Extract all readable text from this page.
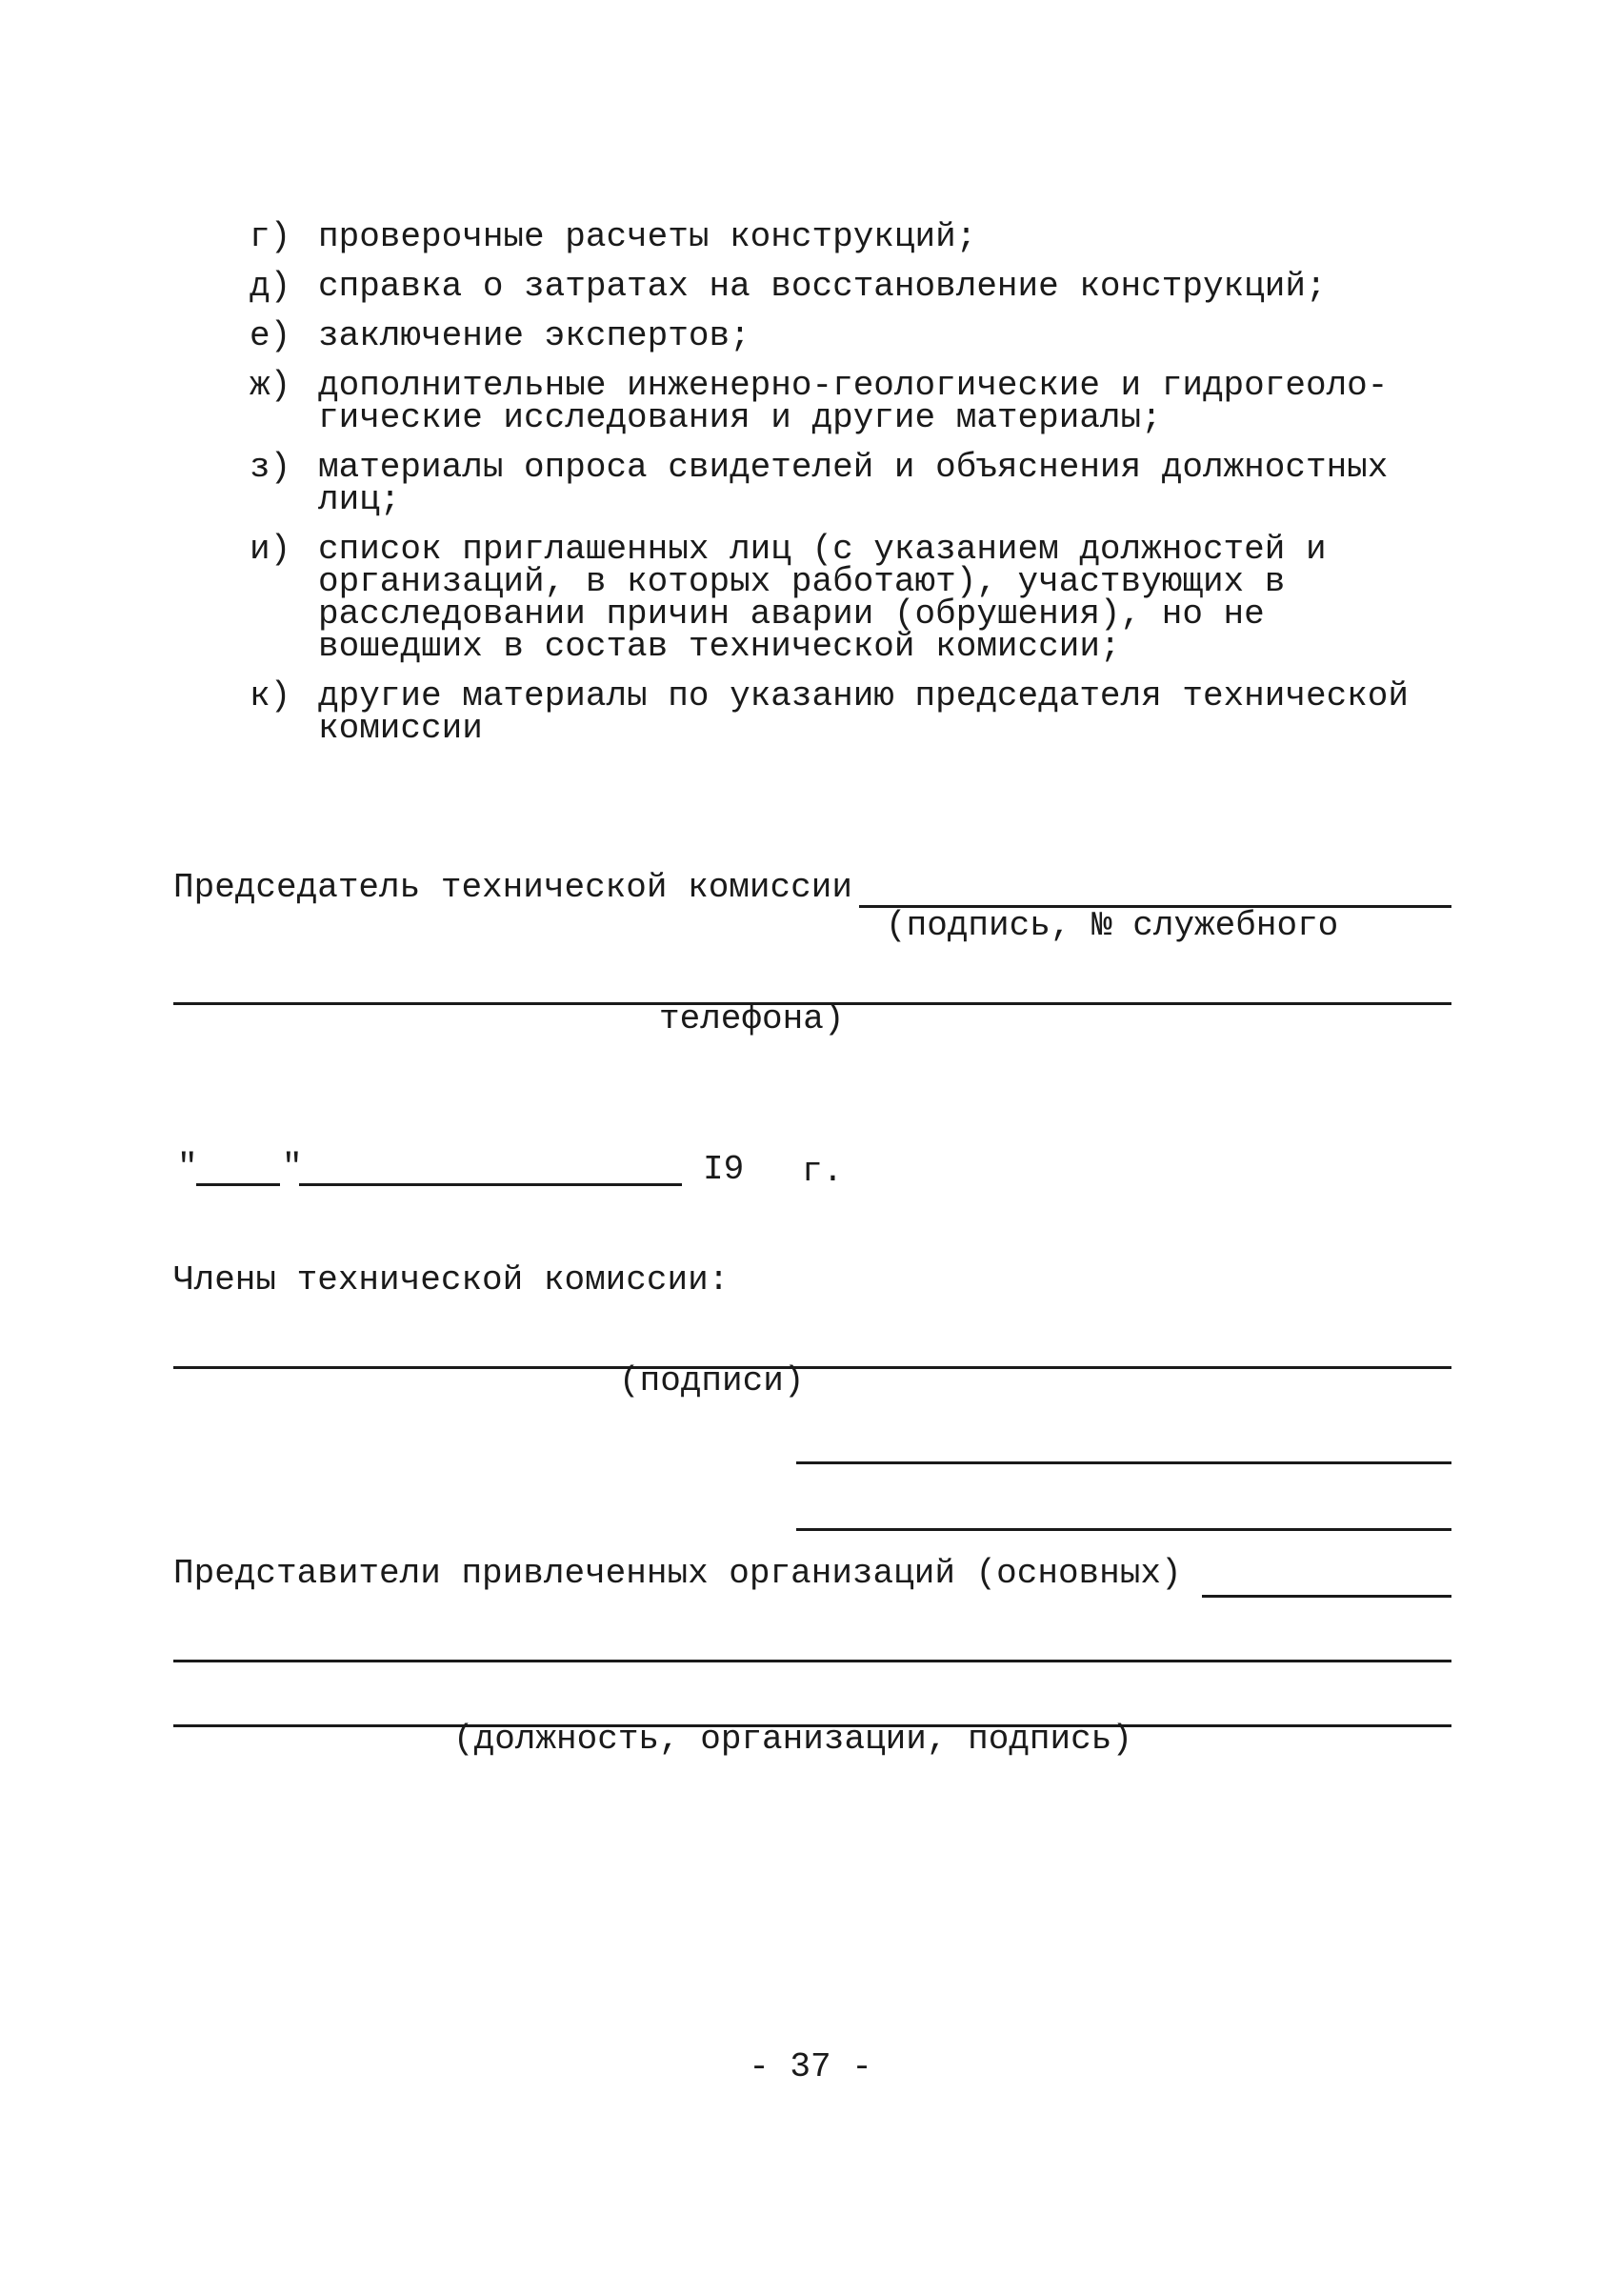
г) проверочные расчеты конструкций;
д) справка о затратах на восстановление конструкций;
е) заключение экспертов;
ж) дополнительные инженерно-геологические и гидрогеоло-
гические исследования и другие материалы;
з) материалы опроса свидетелей и объяснения должностных
лиц;
и) список приглашенных лиц (с указанием должностей и
организаций, в которых работают), участвующих в
расследовании причин аварии (обрушения), но не
вошедших в состав технической комиссии;
к) другие материалы по указанию председателя технической
комиссии
Председатель технической комиссии
(подпись, № служебного
телефона)
" "	I9 г.
Члены технической комиссии:
(подписи)
Представители привлеченных организаций (основных)
(должность, организации, подпись)
- 37 -
